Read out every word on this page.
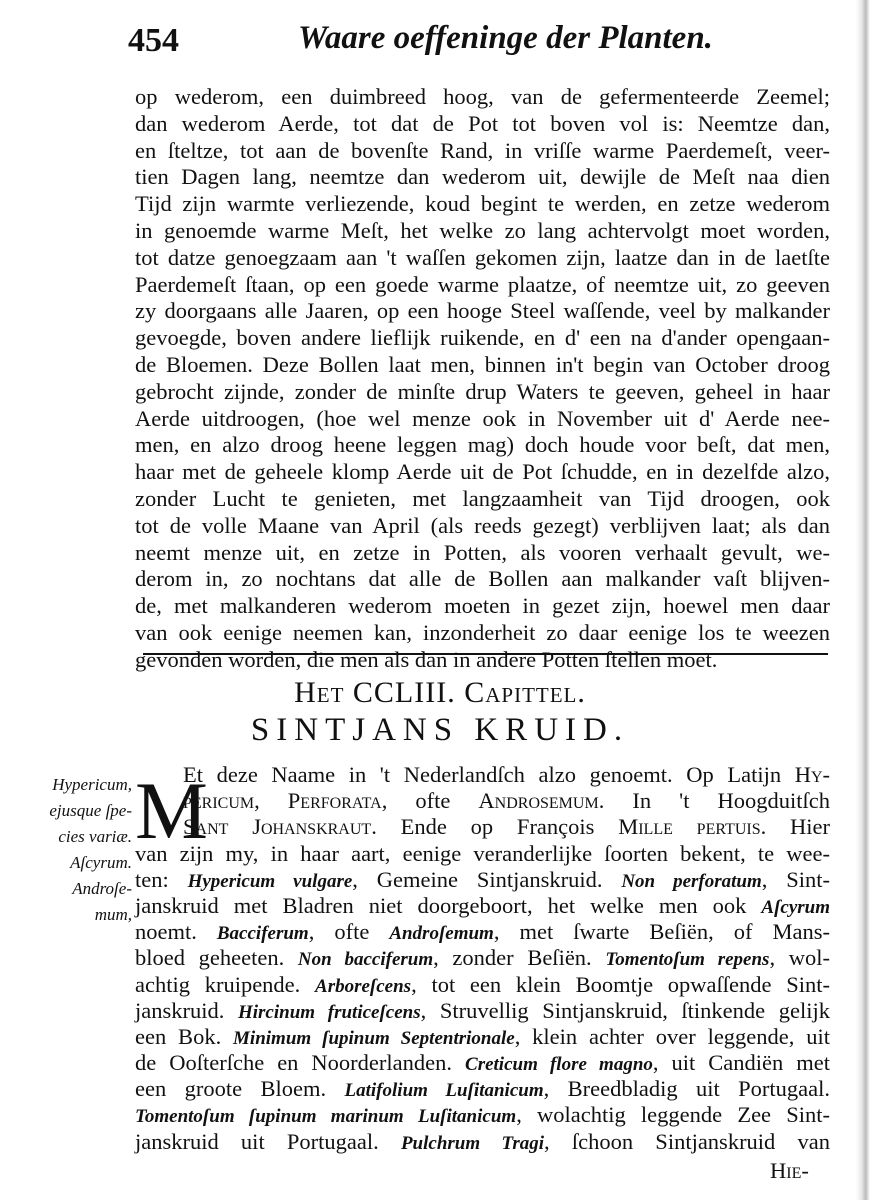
454	Waare oeffeninge der Planten.
op wederom, een duimbreed hoog, van de gefermenteerde Zeemel;
dan wederom Aerde, tot dat de Pot tot boven vol is: Neemtze dan,
en ſteltze, tot aan de bovenſte Rand, in vriſſe warme Paerdemeſt, veer-
tien Dagen lang, neemtze dan wederom uit, dewijle de Meſt naa dien
Tijd zijn warmte verliezende, koud begint te werden, en zetze wederom
in genoemde warme Meſt, het welke zo lang achtervolgt moet worden,
tot datze genoegzaam aan 't waſſen gekomen zijn, laatze dan in de laetſte
Paerdemeſt ſtaan, op een goede warme plaatze, of neemtze uit, zo geeven
zy doorgaans alle Jaaren, op een hooge Steel waſſende, veel by malkander
gevoegde, boven andere lieflijk ruikende, en d' een na d'ander opengaan-
de Bloemen. Deze Bollen laat men, binnen in't begin van October droog
gebrocht zijnde, zonder de minſte drup Waters te geeven, geheel in haar
Aerde uitdroogen, (hoe wel menze ook in November uit d' Aerde nee-
men, en alzo droog heene leggen mag) doch houde voor beſt, dat men,
haar met de geheele klomp Aerde uit de Pot ſchudde, en in dezelfde alzo,
zonder Lucht te genieten, met langzaamheit van Tijd droogen, ook
tot de volle Maane van April (als reeds gezegt) verblijven laat; als dan
neemt menze uit, en zetze in Potten, als vooren verhaalt gevult, we-
derom in, zo nochtans dat alle de Bollen aan malkander vaſt blijven-
de, met malkanderen wederom moeten in gezet zijn, hoewel men daar
van ook eenige neemen kan, inzonderheit zo daar eenige los te weezen
gevonden worden, die men als dan in andere Potten ſtellen moet.
Het CCLIII. Capittel.
SINTJANS KRUID.
Hypericum,
ejusque ſpe-
cies variæ.
Aſcyrum.
Androſe-
mum,
M
Et deze Naame in 't Nederlandſch alzo genoemt. Op Latijn Hy-
pericum, Perforata, ofte Androsemum. In 't Hoogduitſch
Sant Johanskraut. Ende op François Mille pertuis. Hier
van zijn my, in haar aart, eenige veranderlijke ſoorten bekent, te wee-
ten: Hypericum vulgare, Gemeine Sintjanskruid. Non perforatum, Sint-
janskruid met Bladren niet doorgeboort, het welke men ook Aſcyrum
noemt. Bacciferum, ofte Androſemum, met ſwarte Beſiën, of Mans-
bloed geheeten. Non bacciferum, zonder Beſiën. Tomentoſum repens, wol-
achtig kruipende. Arboreſcens, tot een klein Boomtje opwaſſende Sint-
janskruid. Hircinum fruticeſcens, Struvellig Sintjanskruid, ſtinkende gelijk
een Bok. Minimum ſupinum Septentrionale, klein achter over leggende, uit
de Ooſterſche en Noorderlanden. Creticum flore magno, uit Candiën met
een groote Bloem. Latifolium Luſitanicum, Breedbladig uit Portugaal.
Tomentoſum ſupinum marinum Luſitanicum, wolachtig leggende Zee Sint-
janskruid uit Portugaal. Pulchrum Tragi, ſchoon Sintjanskruid van
Hie-
